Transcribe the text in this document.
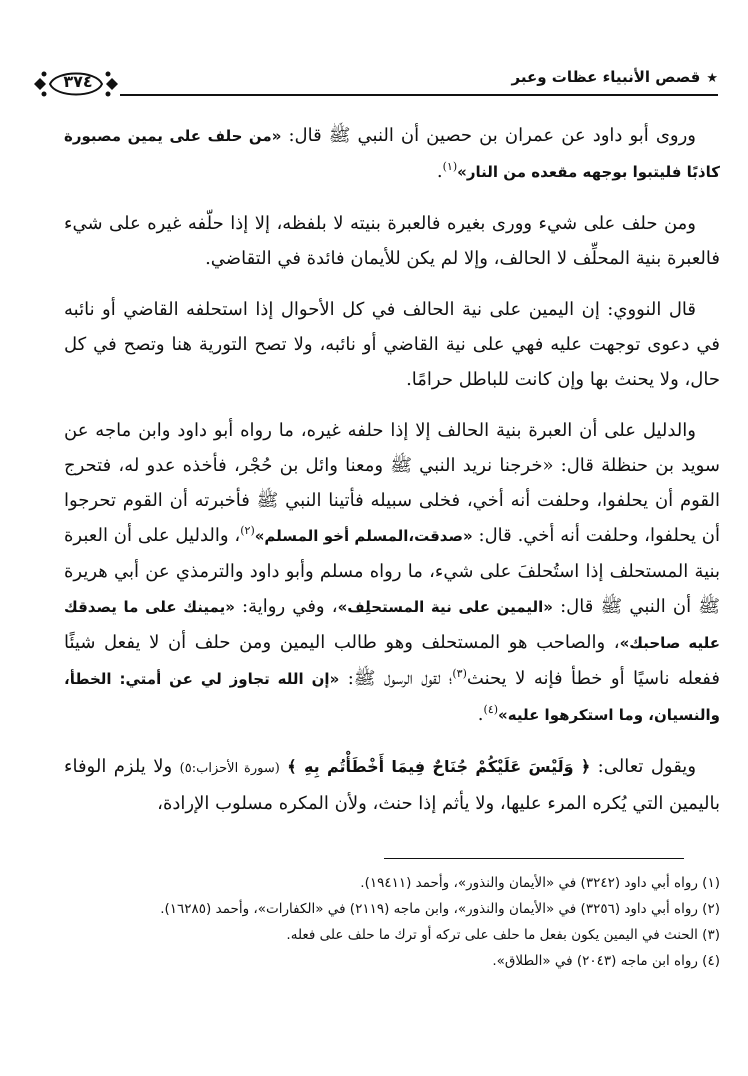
★قصص الأنبياء عظات وعبر
٣٧٤

وروى أبو داود عن عمران بن حصين أن النبي ﷺ قال: «من حلف على يمين مصبورة كاذبًا فليتبوا بوجهه مقعده من النار»$^{(١)}$.

ومن حلف على شيء وورى بغيره فالعبرة بنيته لا بلفظه، إلا إذا حلّفه غيره على شيء فالعبرة بنية المحلِّف لا الحالف، وإلا لم يكن للأيمان فائدة في التقاضي.

قال النووي: إن اليمين على نية الحالف في كل الأحوال إذا استحلفه القاضي أو نائبه في دعوى توجهت عليه فهي على نية القاضي أو نائبه، ولا تصح التورية هنا وتصح في كل حال، ولا يحنث بها وإن كانت للباطل حرامًا.

والدليل على أن العبرة بنية الحالف إلا إذا حلفه غيره، ما رواه أبو داود وابن ماجه عن سويد بن حنظلة قال: «خرجنا نريد النبي ﷺ ومعنا وائل بن حُجْر، فأخذه عدو له، فتحرج القوم أن يحلفوا، وحلفت أنه أخي، فخلى سبيله فأتينا النبي ﷺ فأخبرته أن القوم تحرجوا أن يحلفوا، وحلفت أنه أخي. قال: «صدقت،المسلم أخو المسلم»$^{(٢)}$، والدليل على أن العبرة بنية المستحلف إذا استُحلفَ على شيء، ما رواه مسلم وأبو داود والترمذي عن أبي هريرة ﷺ أن النبي ﷺ قال: «اليمين على نية المستحلِف»، وفي رواية: «يمينك على ما يصدقك عليه صاحبك»، والصاحب هو المستحلف وهو طالب اليمين ومن حلف أن لا يفعل شيئًا ففعله ناسيًا أو خطأ فإنه لا يحنث$^{(٣)}$؛ لقول الرسول ﷺ: «إن الله تجاوز لي عن أمتي: الخطأ، والنسيان، وما استكرهوا عليه»$^{(٤)}$.

ويقول تعالى: ﴿ وَلَيْسَ عَلَيْكُمْ جُنَاحٌ فِيمَا أَخْطَأْتُم بِهِ ﴾ (سورة الأحزاب:٥) ولا يلزم الوفاء باليمين التي يُكره المرء عليها، ولا يأثم إذا حنث، ولأن المكره مسلوب الإرادة،

(١) رواه أبي داود (٣٢٤٢) في «الأيمان والنذور»، وأحمد (١٩٤١١).
(٢) رواه أبي داود (٣٢٥٦) في «الأيمان والنذور»، وابن ماجه (٢١١٩) في «الكفارات»، وأحمد (١٦٢٨٥).
(٣) الحنث في اليمين يكون بفعل ما حلف على تركه أو ترك ما حلف على فعله.
(٤) رواه ابن ماجه (٢٠٤٣) في «الطلاق».
